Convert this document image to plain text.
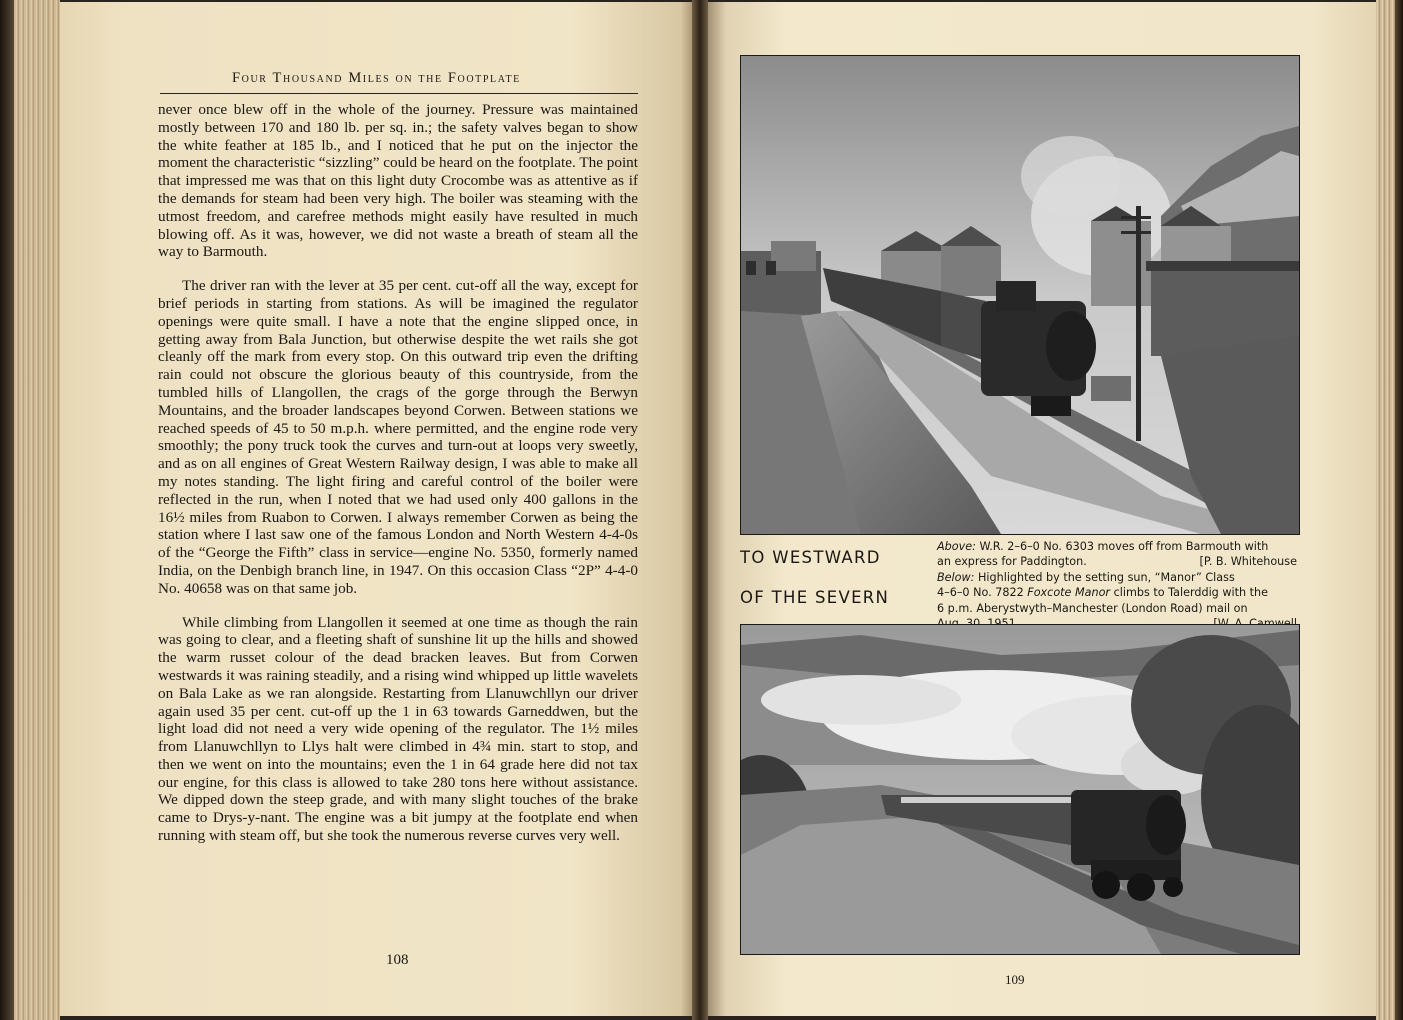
Four Thousand Miles on the Footplate

never once blew off in the whole of the journey. Pressure was maintained mostly between 170 and 180 lb. per sq. in.; the safety valves began to show the white feather at 185 lb., and I noticed that he put on the injector the moment the characteristic “sizzling” could be heard on the footplate. The point that impressed me was that on this light duty Crocombe was as attentive as if the demands for steam had been very high. The boiler was steaming with the utmost freedom, and carefree methods might easily have resulted in much blowing off. As it was, however, we did not waste a breath of steam all the way to Barmouth.

The driver ran with the lever at 35 per cent. cut-off all the way, except for brief periods in starting from stations. As will be imagined the regulator openings were quite small. I have a note that the engine slipped once, in getting away from Bala Junction, but otherwise despite the wet rails she got cleanly off the mark from every stop. On this outward trip even the drifting rain could not obscure the glorious beauty of this countryside, from the tumbled hills of Llangollen, the crags of the gorge through the Berwyn Mountains, and the broader landscapes beyond Corwen. Between stations we reached speeds of 45 to 50 m.p.h. where permitted, and the engine rode very smoothly; the pony truck took the curves and turn-out at loops very sweetly, and as on all engines of Great Western Railway design, I was able to make all my notes standing. The light firing and careful control of the boiler were reflected in the run, when I noted that we had used only 400 gallons in the 16½ miles from Ruabon to Corwen. I always remember Corwen as being the station where I last saw one of the famous London and North Western 4-4-0s of the “George the Fifth” class in service—engine No. 5350, formerly named India, on the Denbigh branch line, in 1947. On this occasion Class “2P” 4-4-0 No. 40658 was on that same job.

While climbing from Llangollen it seemed at one time as though the rain was going to clear, and a fleeting shaft of sunshine lit up the hills and showed the warm russet colour of the dead bracken leaves. But from Corwen westwards it was raining steadily, and a rising wind whipped up little wavelets on Bala Lake as we ran alongside. Restarting from Llanuwchllyn our driver again used 35 per cent. cut-off up the 1 in 63 towards Garneddwen, but the light load did not need a very wide opening of the regulator. The 1½ miles from Llanuwchllyn to Llys halt were climbed in 4¾ min. start to stop, and then we went on into the mountains; even the 1 in 64 grade here did not tax our engine, for this class is allowed to take 280 tons here without assistance. We dipped down the steep grade, and with many slight touches of the brake came to Drys-y-nant. The engine was a bit jumpy at the footplate end when running with steam off, but she took the numerous reverse curves very well.

108
TO WESTWARD
OF THE SEVERN
Above: W.R. 2–6–0 No. 6303 moves off from Barmouth with
an express for Paddington.	[P. B. Whitehouse
Below: Highlighted by the setting sun, “Manor” Class
4–6–0 No. 7822 Foxcote Manor climbs to Talerddig with the
6 p.m. Aberystwyth–Manchester (London Road) mail on
109
